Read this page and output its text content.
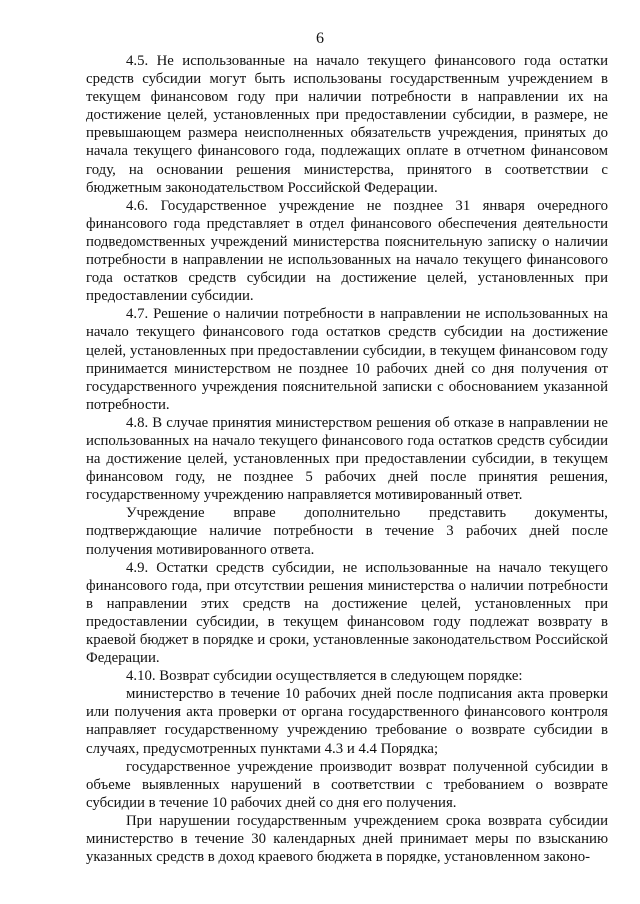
6

4.5. Не использованные на начало текущего финансового года остатки средств субсидии могут быть использованы государственным учреждением в текущем финансовом году при наличии потребности в направлении их на достижение целей, установленных при предоставлении субсидии, в размере, не превышающем размера неисполненных обязательств учреждения, принятых до начала текущего финансового года, подлежащих оплате в отчетном финансовом году, на основании решения министерства, принятого в соответствии с бюджетным законодательством Российской Федерации.

4.6. Государственное учреждение не позднее 31 января очередного финансового года представляет в отдел финансового обеспечения деятельности подведомственных учреждений министерства пояснительную записку о наличии потребности в направлении не использованных на начало текущего финансового года остатков средств субсидии на достижение целей, установленных при предоставлении субсидии.

4.7. Решение о наличии потребности в направлении не использованных на начало текущего финансового года остатков средств субсидии на достижение целей, установленных при предоставлении субсидии, в текущем финансовом году принимается министерством не позднее 10 рабочих дней со дня получения от государственного учреждения пояснительной записки с обоснованием указанной потребности.

4.8. В случае принятия министерством решения об отказе в направлении не использованных на начало текущего финансового года остатков средств субсидии на достижение целей, установленных при предоставлении субсидии, в текущем финансовом году, не позднее 5 рабочих дней после принятия решения, государственному учреждению направляется мотивированный ответ.

Учреждение вправе дополнительно представить документы, подтверждающие наличие потребности в течение 3 рабочих дней после получения мотивированного ответа.

4.9. Остатки средств субсидии, не использованные на начало текущего финансового года, при отсутствии решения министерства о наличии потребности в направлении этих средств на достижение целей, установленных при предоставлении субсидии, в текущем финансовом году подлежат возврату в краевой бюджет в порядке и сроки, установленные законодательством Российской Федерации.

4.10. Возврат субсидии осуществляется в следующем порядке:

министерство в течение 10 рабочих дней после подписания акта проверки или получения акта проверки от органа государственного финансового контроля направляет государственному учреждению требование о возврате субсидии в случаях, предусмотренных пунктами 4.3 и 4.4 Порядка;

государственное учреждение производит возврат полученной субсидии в объеме выявленных нарушений в соответствии с требованием о возврате субсидии в течение 10 рабочих дней со дня его получения.

При нарушении государственным учреждением срока возврата субсидии министерство в течение 30 календарных дней принимает меры по взысканию указанных средств в доход краевого бюджета в порядке, установленном законо-
